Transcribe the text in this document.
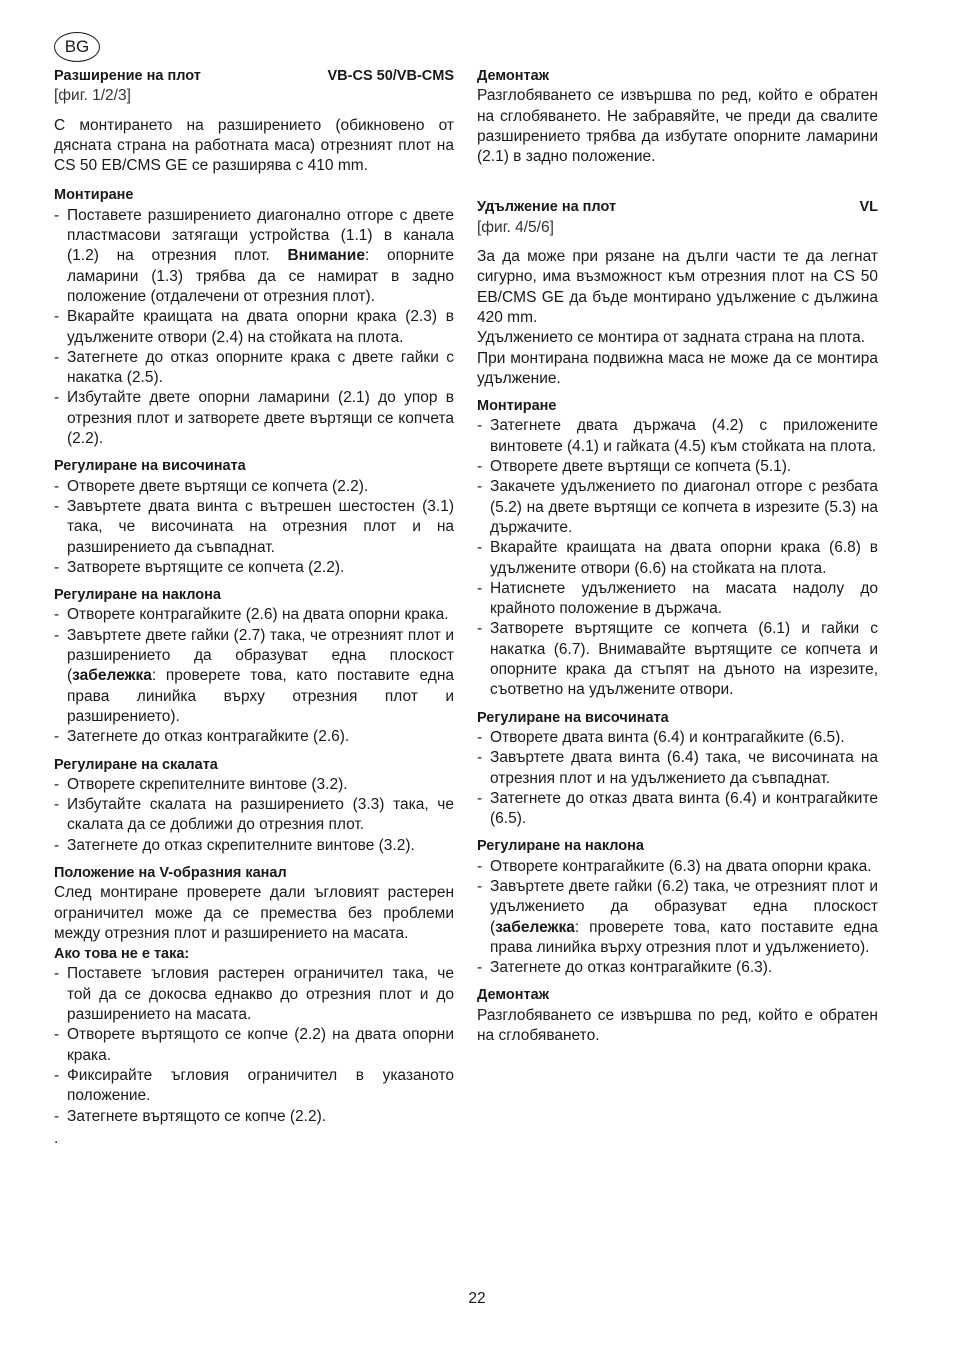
BG
Разширение на плот	VB-CS 50/VB-CMS

[фиг. 1/2/3]

С монтирането на разширението (обикновено от дясната страна на работната маса) отрезният плот на CS 50 EB/CMS GE се разширява с 410 mm.

Монтиране
- Поставете разширението диагонално отгоре с двете пластмасови затягащи устройства (1.1) в канала (1.2) на отрезния плот. Внимание: опорните ламарини (1.3) трябва да се намират в задно положение (отдалечени от отрезния плот).
- Вкарайте краищата на двата опорни крака (2.3) в удължените отвори (2.4) на стойката на плота.
- Затегнете до отказ опорните крака с двете гайки с накатка (2.5).
- Избутайте двете опорни ламарини (2.1) до упор в отрезния плот и затворете двете въртящи се копчета (2.2).
Регулиране на височината
- Отворете двете въртящи се копчета (2.2).
- Завъртете двата винта с вътрешен шестостен (3.1) така, че височината на отрезния плот и на разширението да съвпаднат.
- Затворете въртящите се копчета (2.2).
Регулиране на наклона
- Отворете контрагайките (2.6) на двата опорни крака.
- Завъртете двете гайки (2.7) така, че отрезният плот и разширението да образуват една плоскост (забележка: проверете това, като поставите една права линийка върху отрезния плот и разширението).
- Затегнете до отказ контрагайките (2.6).
Регулиране на скалата
- Отворете скрепителните винтове (3.2).
- Избутайте скалата на разширението (3.3) така, че скалата да се доближи до отрезния плот.
- Затегнете до отказ скрепителните винтове (3.2).
Положение на V-образния канал

След монтиране проверете дали ъгловият растерен ограничител може да се премества без проблеми между отрезния плот и разширението на масата.

Ако това не е така:
- Поставете ъгловия растерен ограничител така, че той да се докосва еднакво до отрезния плот и до разширението на масата.
- Отворете въртящото се копче (2.2) на двата опорни крака.
- Фиксирайте ъгловия ограничител в указаното положение.
- Затегнете въртящото се копче (2.2).

.

Демонтаж

Разглобяването се извършва по ред, който е обратен на сглобяването. Не забравяйте, че преди да свалите разширението трябва да избутате опорните ламарини (2.1) в задно положение.

Удължение на плот	VL

[фиг. 4/5/6]

За да може при рязане на дълги части те да легнат сигурно, има възможност към отрезния плот на CS 50 EB/CMS GE да бъде монтирано удължение с дължина 420 mm.

Удължението се монтира от задната страна на плота.

При монтирана подвижна маса не може да се монтира удължение.

Монтиране
- Затегнете двата държача (4.2) с приложените винтовете (4.1) и гайката (4.5) към стойката на плота.
- Отворете двете въртящи се копчета (5.1).
- Закачете удължението по диагонал отгоре с резбата (5.2) на двете въртящи се копчета в изрезите (5.3) на държачите.
- Вкарайте краищата на двата опорни крака (6.8) в удължените отвори (6.6) на стойката на плота.
- Натиснете удължението на масата надолу до крайното положение в държача.
- Затворете въртящите се копчета (6.1) и гайки с накатка (6.7). Внимавайте въртящите се копчета и опорните крака да стъпят на дъното на изрезите, съответно на удължените отвори.
Регулиране на височината
- Отворете двата винта (6.4) и контрагайките (6.5).
- Завъртете двата винта (6.4) така, че височината на отрезния плот и на удължението да съвпаднат.
- Затегнете до отказ двата винта (6.4) и контрагайките (6.5).
Регулиране на наклона
- Отворете контрагайките (6.3) на двата опорни крака.
- Завъртете двете гайки (6.2) така, че отрезният плот и удължението да образуват една плоскост (забележка: проверете това, като поставите една права линийка върху отрезния плот и удължението).
- Затегнете до отказ контрагайките (6.3).
Демонтаж

Разглобяването се извършва по ред, който е обратен на сглобяването.

22
